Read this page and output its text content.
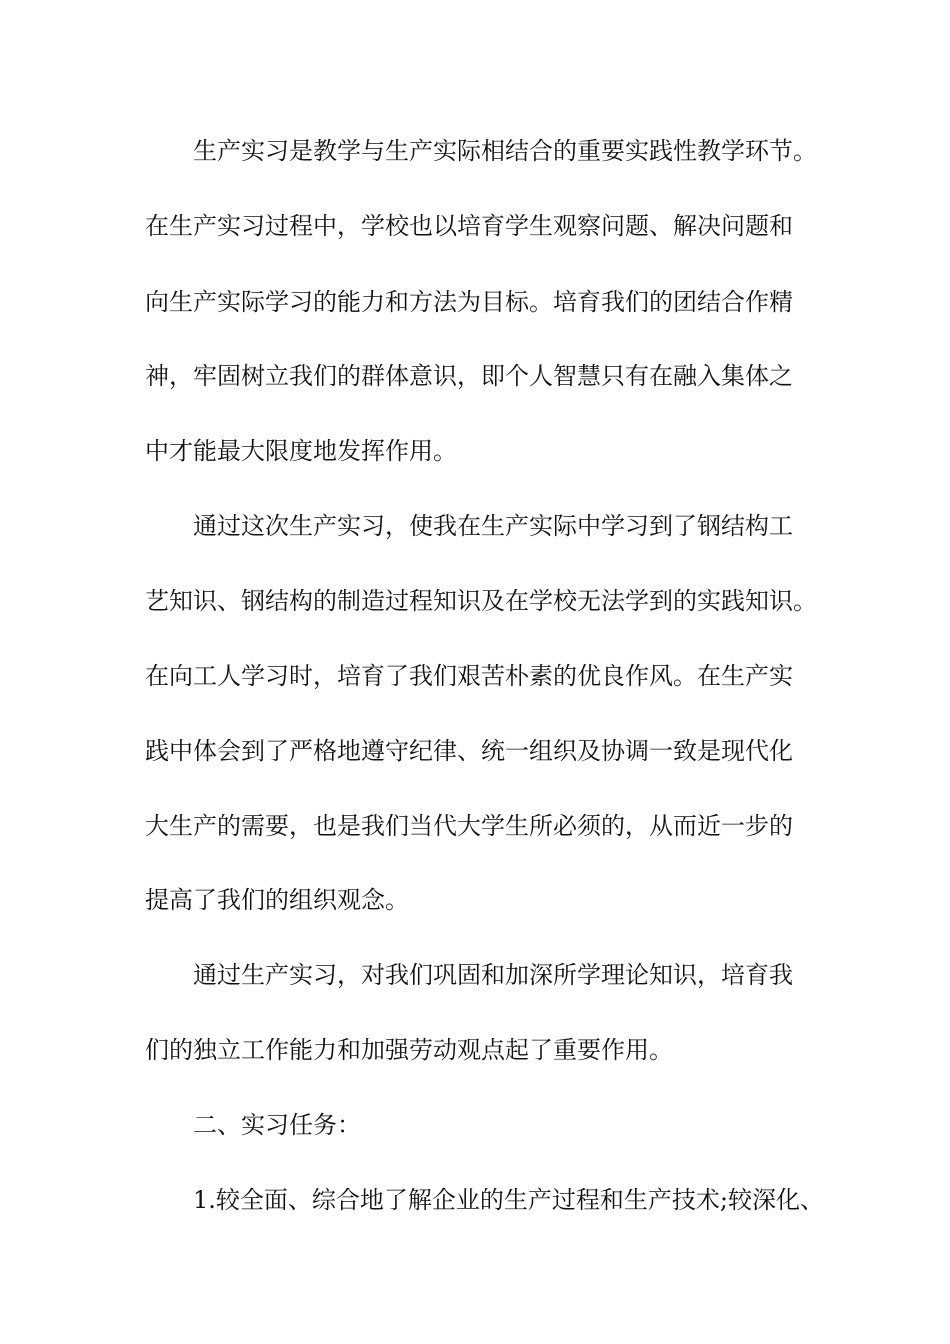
生产实习是教学与生产实际相结合的重要实践性教学环节。
在生产实习过程中，学校也以培育学生观察问题、解决问题和
向生产实际学习的能力和方法为目标。培育我们的团结合作精
神，牢固树立我们的群体意识，即个人智慧只有在融入集体之
中才能最大限度地发挥作用。
通过这次生产实习，使我在生产实际中学习到了钢结构工
艺知识、钢结构的制造过程知识及在学校无法学到的实践知识。
在向工人学习时，培育了我们艰苦朴素的优良作风。在生产实
践中体会到了严格地遵守纪律、统一组织及协调一致是现代化
大生产的需要，也是我们当代大学生所必须的，从而近一步的
提高了我们的组织观念。
通过生产实习，对我们巩固和加深所学理论知识，培育我
们的独立工作能力和加强劳动观点起了重要作用。
二、实习任务：
1.较全面、综合地了解企业的生产过程和生产技术;较深化、
